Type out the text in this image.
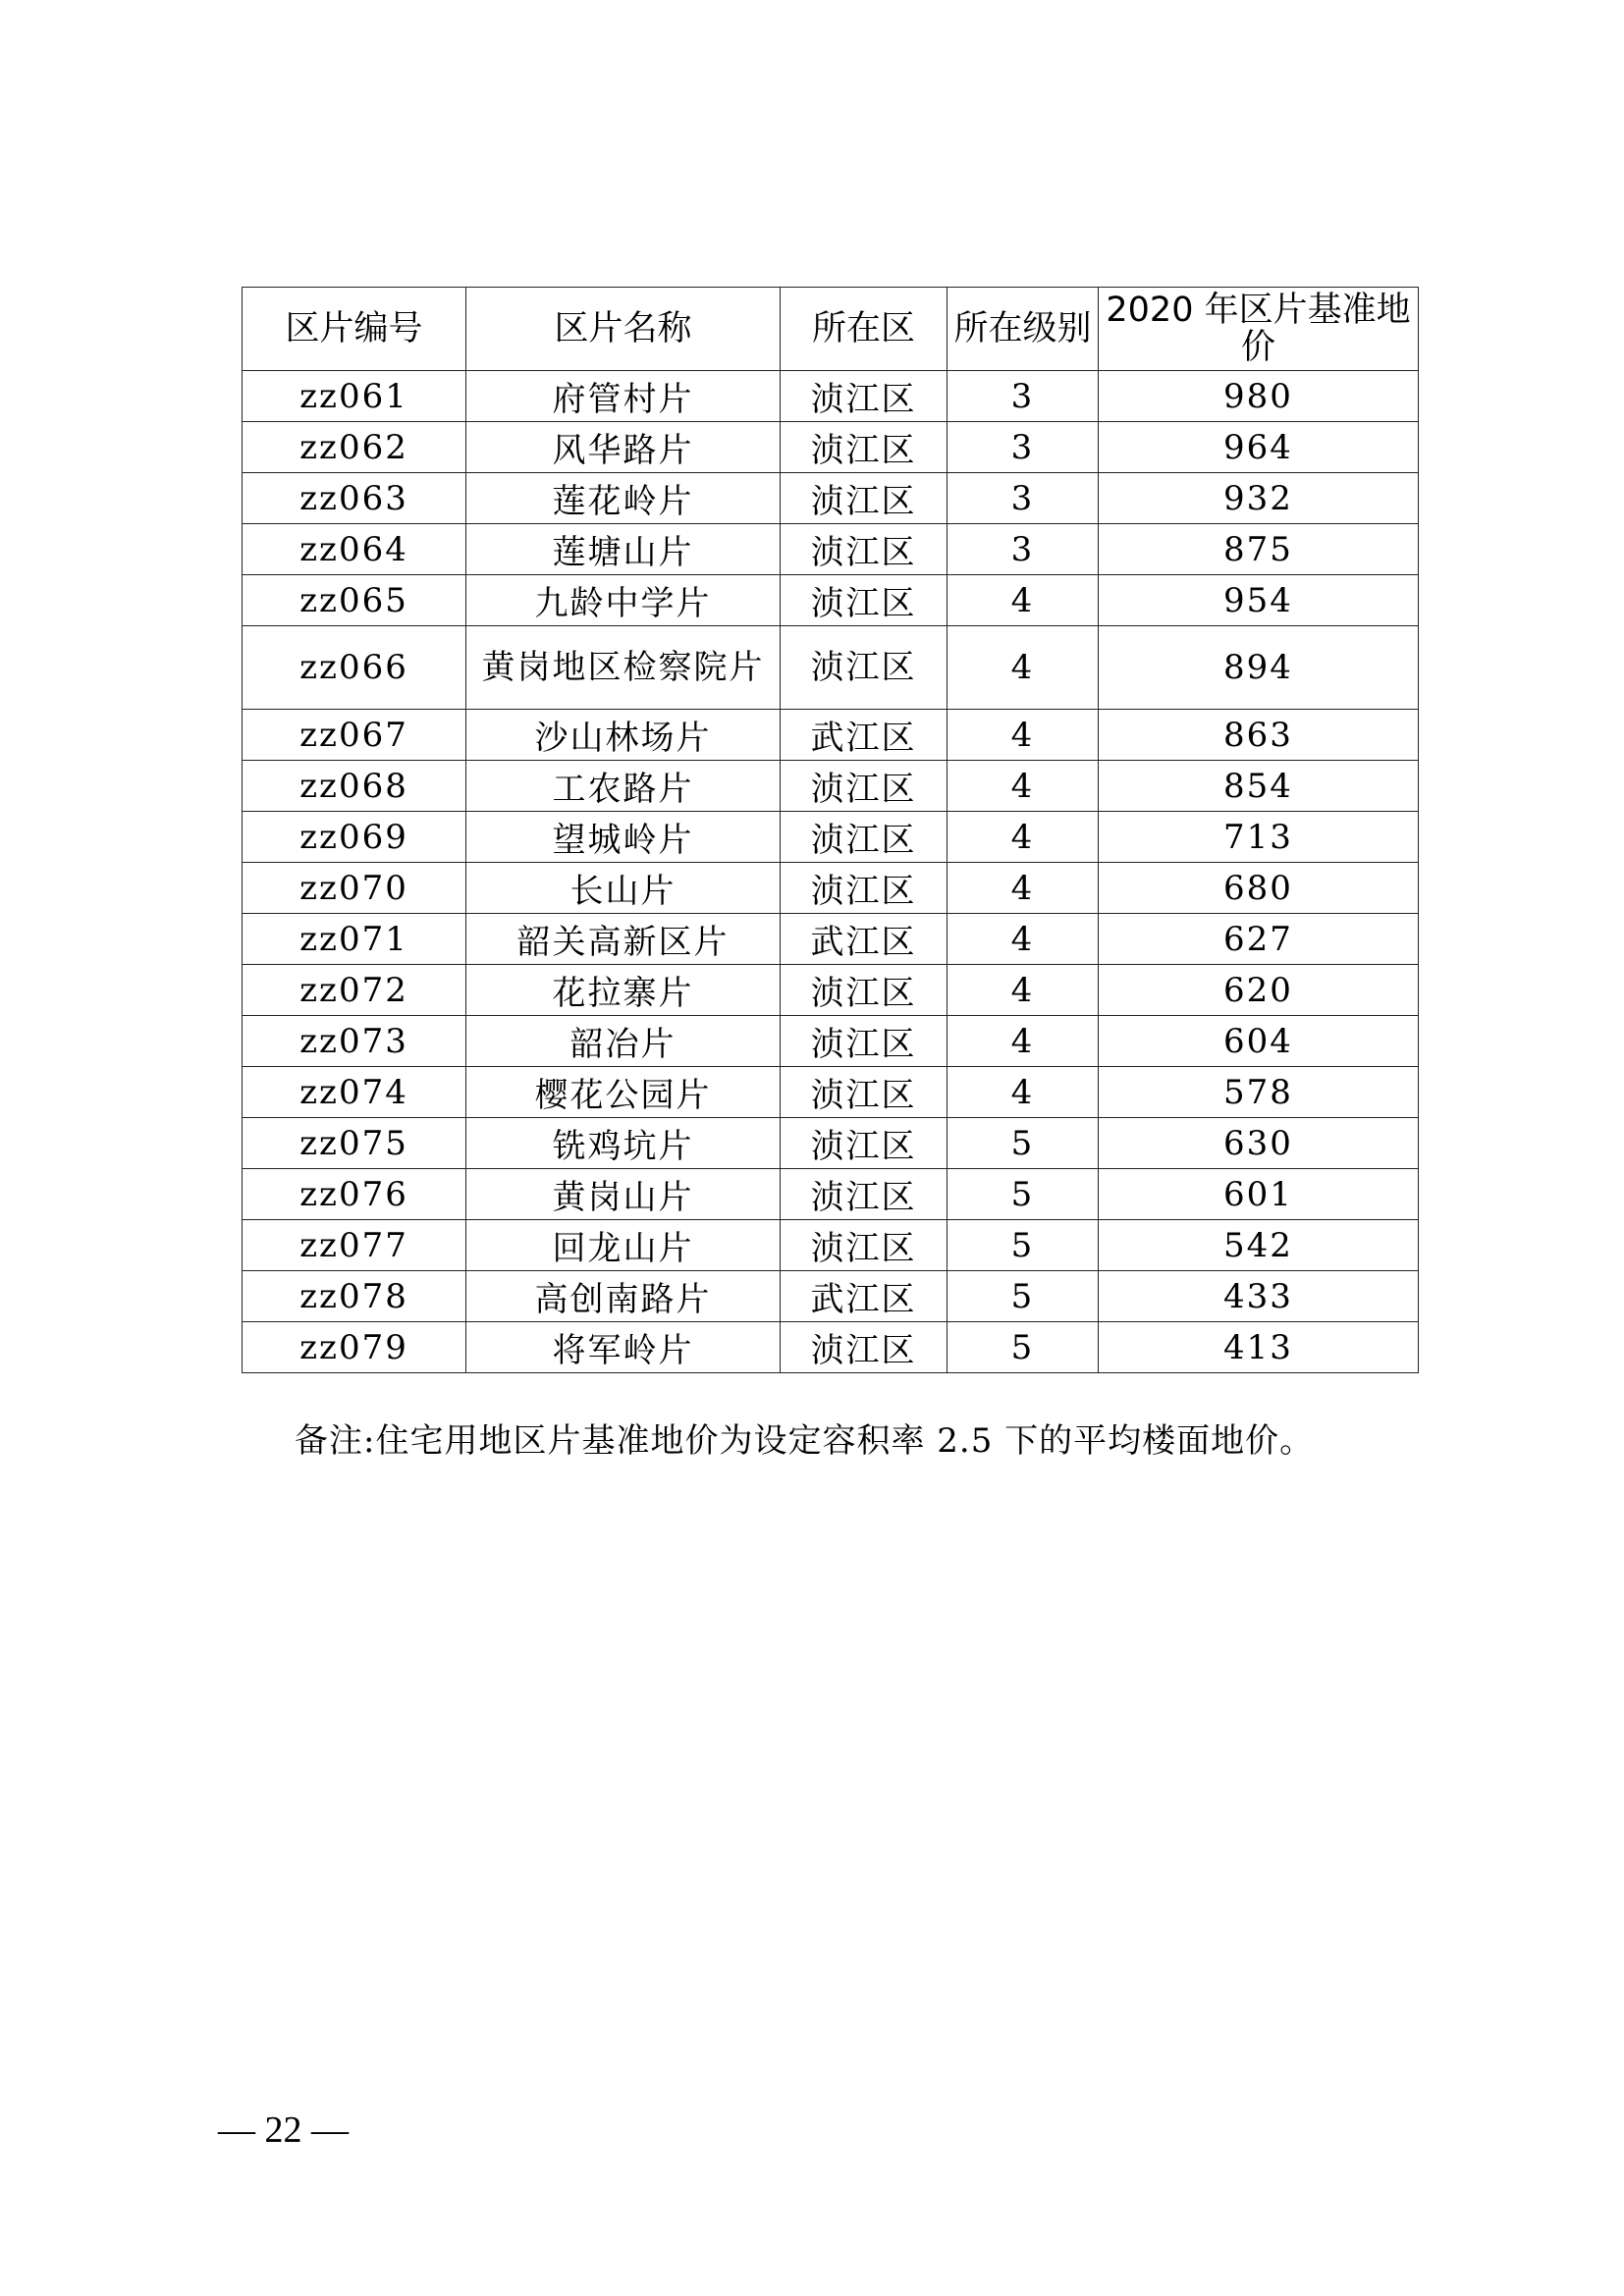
区片编号	区片名称	所在区	所在级别	2020 年区片基准地价
zz061	府管村片	浈江区	3	980
zz062	风华路片	浈江区	3	964
zz063	莲花岭片	浈江区	3	932
zz064	莲塘山片	浈江区	3	875
zz065	九龄中学片	浈江区	4	954
zz066	黄岗地区检察院片	浈江区	4	894
zz067	沙山林场片	武江区	4	863
zz068	工农路片	浈江区	4	854
zz069	望城岭片	浈江区	4	713
zz070	长山片	浈江区	4	680
zz071	韶关高新区片	武江区	4	627
zz072	花拉寨片	浈江区	4	620
zz073	韶冶片	浈江区	4	604
zz074	樱花公园片	浈江区	4	578
zz075	铣鸡坑片	浈江区	5	630
zz076	黄岗山片	浈江区	5	601
zz077	回龙山片	浈江区	5	542
zz078	高创南路片	武江区	5	433
zz079	将军岭片	浈江区	5	413
备注:住宅用地区片基准地价为设定容积率 2.5 下的平均楼面地价。
— 22 —
